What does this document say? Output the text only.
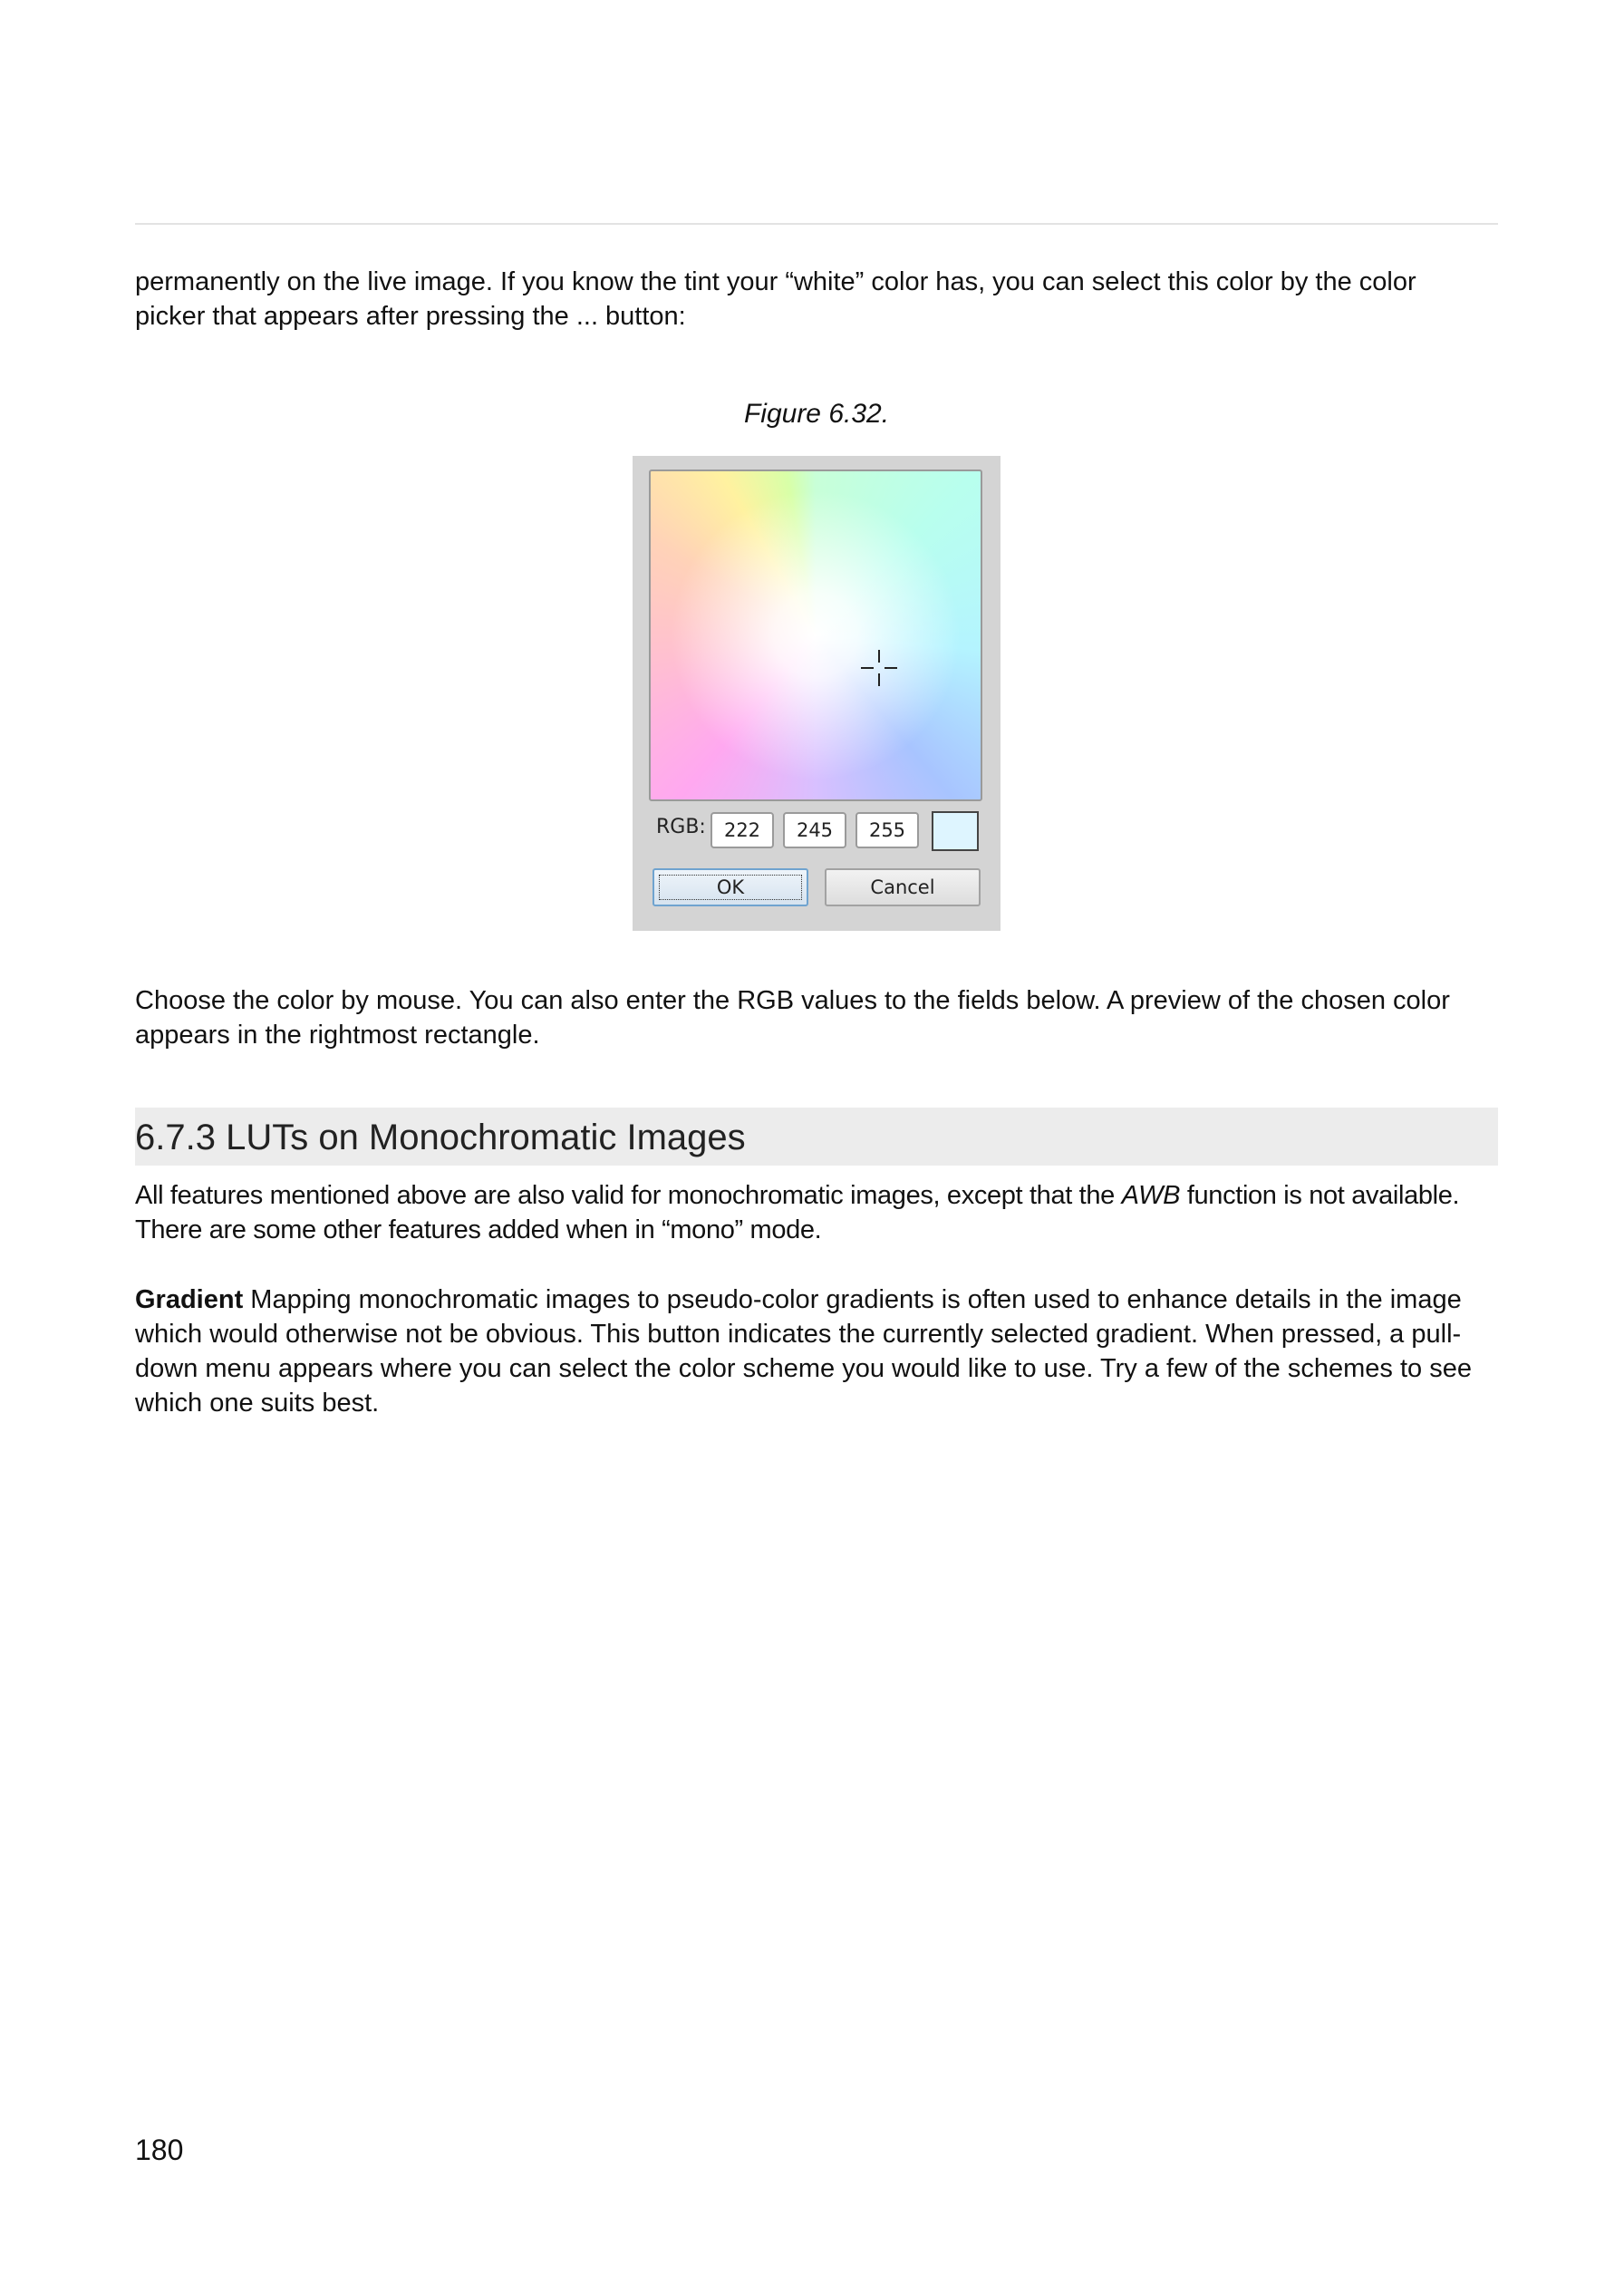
permanently on the live image. If you know the tint your “white” color has, you can select this color by the color
picker that appears after pressing the ... button:

Figure 6.32.
RGB:
222
245
255
OK	Cancel

Choose the color by mouse. You can also enter the RGB values to the fields below. A preview of the chosen color
appears in the rightmost rectangle.

6.7.3 LUTs on Monochromatic Images

All features mentioned above are also valid for monochromatic images, except that the AWB function is not available.
There are some other features added when in “mono” mode.

Gradient Mapping monochromatic images to pseudo-color gradients is often used to enhance details in the image
which would otherwise not be obvious. This button indicates the currently selected gradient. When pressed, a pull-
down menu appears where you can select the color scheme you would like to use. Try a few of the schemes to see
which one suits best.

180
